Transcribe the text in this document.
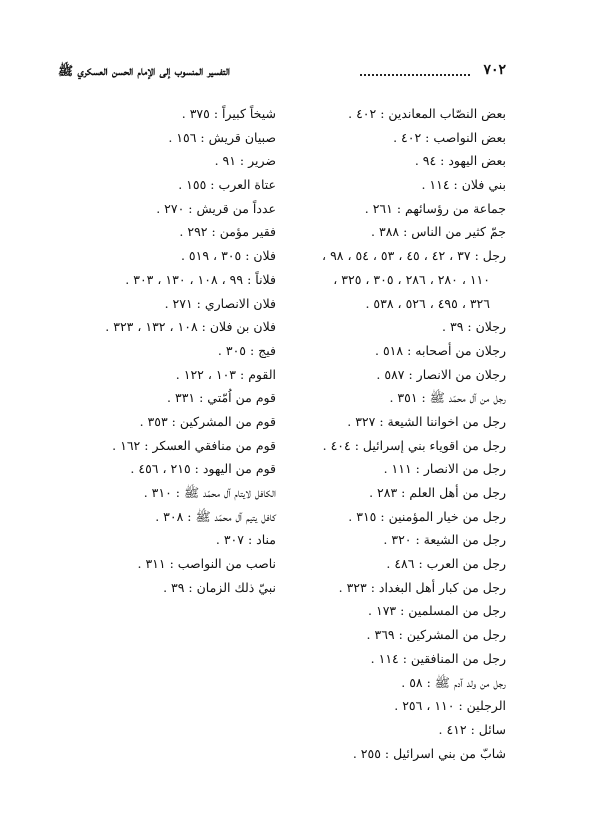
٧٠٢
التفسير المنسوب إلى الإمام الحسن العسكري ﷺ
بعض النصّاب المعاندين : ٤٠٢ .
بعض النواصب : ٤٠٢ .
بعض اليهود : ٩٤ .
بني فلان : ١١٤ .
جماعة من رؤسائهم : ٢٦١ .
جمّ كثير من الناس : ٣٨٨ .
رجل : ٣٧ ، ٤٢ ، ٤٥ ، ٥٣ ، ٥٤ ، ٩٨ ،
١١٠ ، ٢٨٠ ، ٢٨٦ ، ٣٠٥ ، ٣٢٥ ،
٣٢٦ ، ٤٩٥ ، ٥٢٦ ، ٥٣٨ .
رجلان : ٣٩ .
رجلان من أصحابه : ٥١٨ .
رجلان من الانصار : ٥٨٧ .
رجل من آل محمّد ﷺ : ٣٥١ .
رجل من اخواننا الشيعة : ٣٢٧ .
رجل من اقوياء بني إسرائيل : ٤٠٤ .
رجل من الانصار : ١١١ .
رجل من أهل العلم : ٢٨٣ .
رجل من خيار المؤمنين : ٣١٥ .
رجل من الشيعة : ٣٢٠ .
رجل من العرب : ٤٨٦ .
رجل من كبار أهل البغداد : ٣٢٣ .
رجل من المسلمين : ١٧٣ .
رجل من المشركين : ٣٦٩ .
رجل من المنافقين : ١١٤ .
رجل من ولد آدم ﷺ : ٥٨ .
الرجلين : ١١٠ ، ٢٥٦ .
سائل : ٤١٢ .
شابّ من بني اسرائيل : ٢٥٥ .
شيخاً كبيراً : ٣٧٥ .
صبيان قريش : ١٥٦ .
ضرير : ٩١ .
عتاة العرب : ١٥٥ .
عدداً من قريش : ٢٧٠ .
فقير مؤمن : ٢٩٢ .
فلان : ٣٠٥ ، ٥١٩ .
فلاناً : ٩٩ ، ١٠٨ ، ١٣٠ ، ٣٠٣ .
فلان الانصاري : ٢٧١ .
فلان بن فلان : ١٠٨ ، ١٣٢ ، ٣٢٣ .
فيج : ٣٠٥ .
القوم : ١٠٣ ، ١٢٢ .
قوم من اُمّتي : ٣٣١ .
قوم من المشركين : ٣٥٣ .
قوم من منافقي العسكر : ١٦٢ .
قوم من اليهود : ٢١٥ ، ٤٥٦ .
الكافل لايتام آل محمّد ﷺ : ٣١٠ .
كافل يتيم آل محمّد ﷺ : ٣٠٨ .
مناد : ٣٠٧ .
ناصب من النواصب : ٣١١ .
نبيّ ذلك الزمان : ٣٩ .
